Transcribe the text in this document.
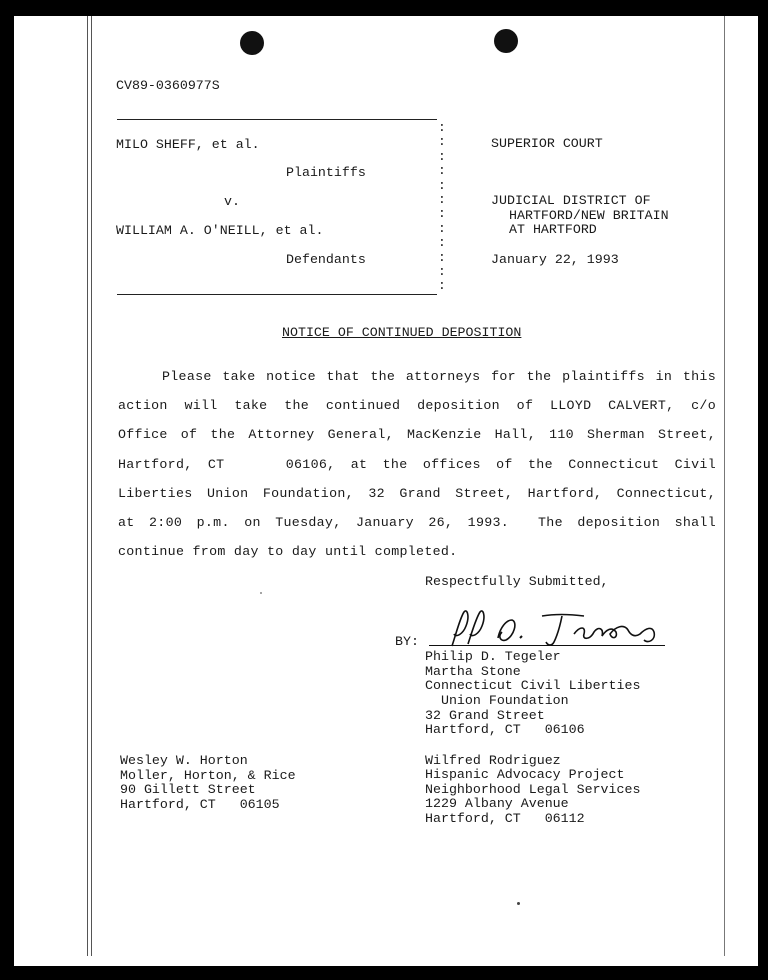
CV89-0360977S
MILO SHEFF, et al.
Plaintiffs
v.
WILLIAM A. O'NEILL, et al.
Defendants
:
:
:
:
:
:
:
:
:
:
:
:
SUPERIOR COURT
JUDICIAL DISTRICT OF
HARTFORD/NEW BRITAIN
AT HARTFORD
January 22, 1993
NOTICE OF CONTINUED DEPOSITION
Please take notice that the attorneys for the plaintiffs in this
action will take the continued deposition of LLOYD CALVERT, c/o
Office of the Attorney General, MacKenzie Hall, 110 Sherman Street,
Hartford, CT    06106, at the offices of the Connecticut Civil
Liberties Union Foundation, 32 Grand Street, Hartford, Connecticut,
at 2:00 p.m. on Tuesday, January 26, 1993.  The deposition shall
continue from day to day until completed.
Respectfully Submitted,
BY:
Philip D. Tegeler
Martha Stone
Connecticut Civil Liberties
Union Foundation
32 Grand Street
Hartford, CT   06106
Wesley W. Horton
Moller, Horton, & Rice
90 Gillett Street
Hartford, CT   06105
Wilfred Rodriguez
Hispanic Advocacy Project
Neighborhood Legal Services
1229 Albany Avenue
Hartford, CT   06112
